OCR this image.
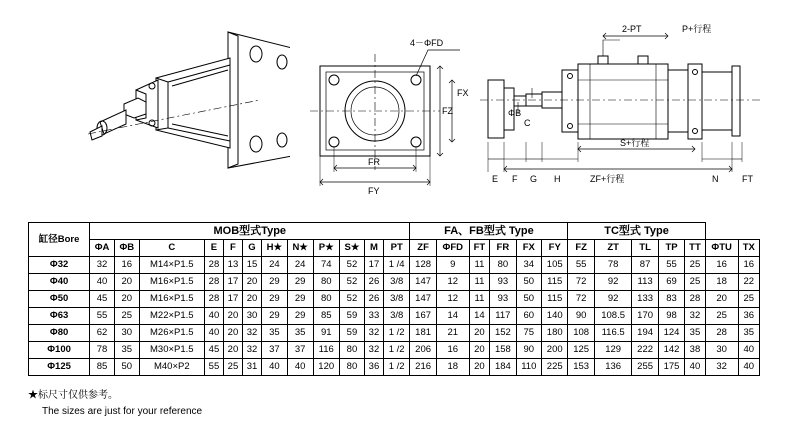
4－ΦFD
FZ
FX
FR
FY
2-PT	P+行程
S+行程
ZF+行程
ΦB
C
E F G H	N	FT
缸径Bore	MOB型式Type												FA、FB型式 Type						TC型式 Type						
	ΦA	ΦB	C	E	F	G	H★	N★	P★	S★	M	PT	ZF	ΦFD	FT	FR	FX	FY	FZ	ZT	TL	TP	TT	ΦTU	TX
Φ32	32	16	M14×P1.5	28	13	15	24	24	74	52	17	1 /4	128	9	11	80	34	105	55	78	87	55	25	16	16
Φ40	40	20	M16×P1.5	28	17	20	29	29	80	52	26	3/8	147	12	11	93	50	115	72	92	113	69	25	18	22
Φ50	45	20	M16×P1.5	28	17	20	29	29	80	52	26	3/8	147	12	11	93	50	115	72	92	133	83	28	20	25
Φ63	55	25	M22×P1.5	40	20	30	29	29	85	59	33	3/8	167	14	14	117	60	140	90	108.5	170	98	32	25	36
Φ80	62	30	M26×P1.5	40	20	32	35	35	91	59	32	1 /2	181	21	20	152	75	180	108	116.5	194	124	35	28	35
Φ100	78	35	M30×P1.5	45	20	32	37	37	116	80	32	1 /2	206	16	20	158	90	200	125	129	222	142	38	30	40
Φ125	85	50	M40×P2	55	25	31	40	40	120	80	36	1 /2	216	18	20	184	110	225	153	136	255	175	40	32	40
★标尺寸仅供参考。
The sizes are just for your reference
